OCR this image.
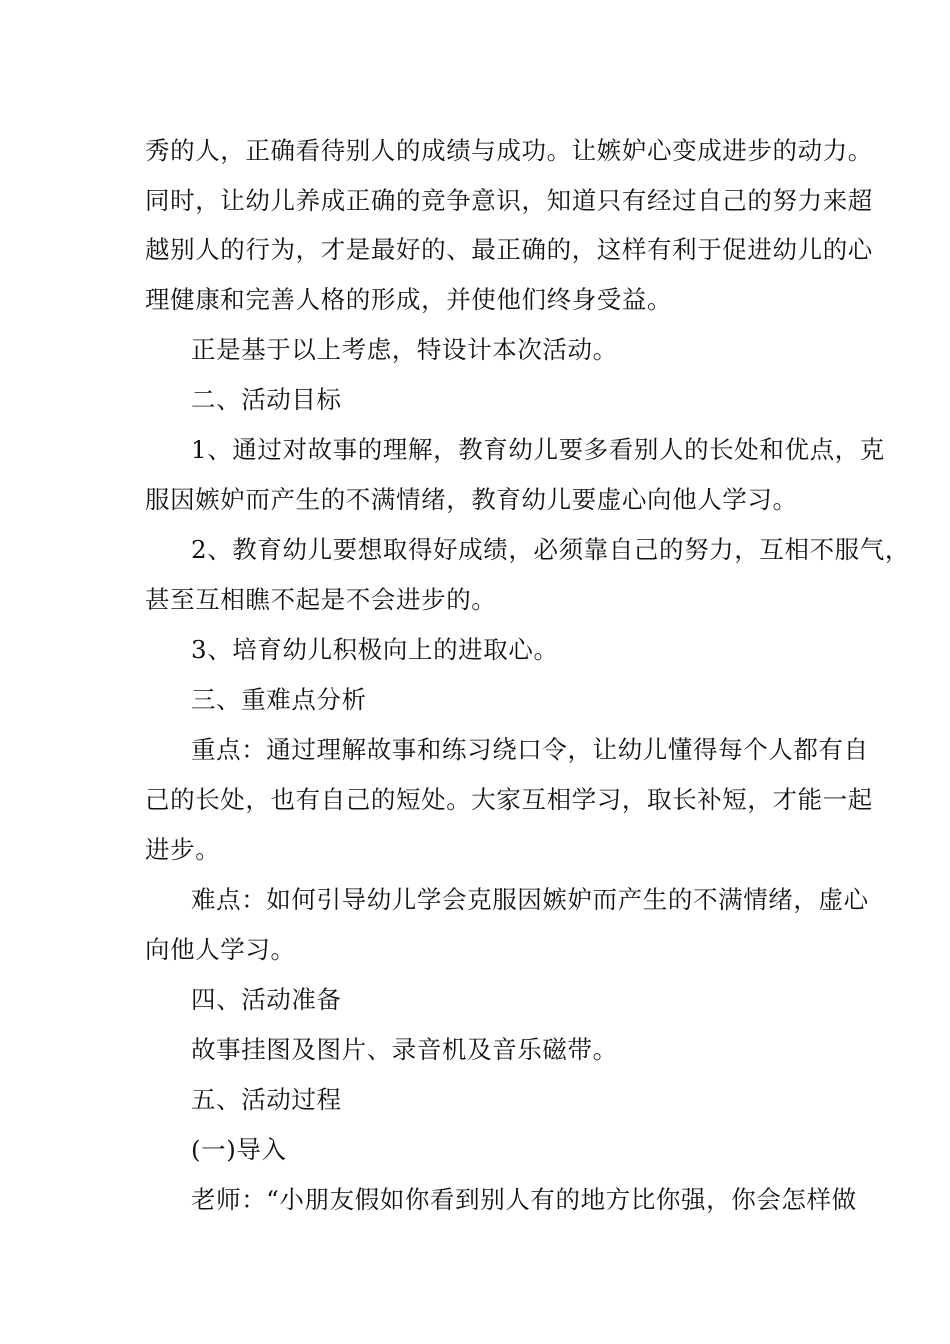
秀的人，正确看待别人的成绩与成功。让嫉妒心变成进步的动力。
同时，让幼儿养成正确的竞争意识，知道只有经过自己的努力来超
越别人的行为，才是最好的、最正确的，这样有利于促进幼儿的心
理健康和完善人格的形成，并使他们终身受益。
正是基于以上考虑，特设计本次活动。
二、活动目标
1、通过对故事的理解，教育幼儿要多看别人的长处和优点，克
服因嫉妒而产生的不满情绪，教育幼儿要虚心向他人学习。
2、教育幼儿要想取得好成绩，必须靠自己的努力，互相不服气，
甚至互相瞧不起是不会进步的。
3、培育幼儿积极向上的进取心。
三、重难点分析
重点：通过理解故事和练习绕口令，让幼儿懂得每个人都有自
己的长处，也有自己的短处。大家互相学习，取长补短，才能一起
进步。
难点：如何引导幼儿学会克服因嫉妒而产生的不满情绪，虚心
向他人学习。
四、活动准备
故事挂图及图片、录音机及音乐磁带。
五、活动过程
(一)导入
老师：“小朋友假如你看到别人有的地方比你强，你会怎样做
